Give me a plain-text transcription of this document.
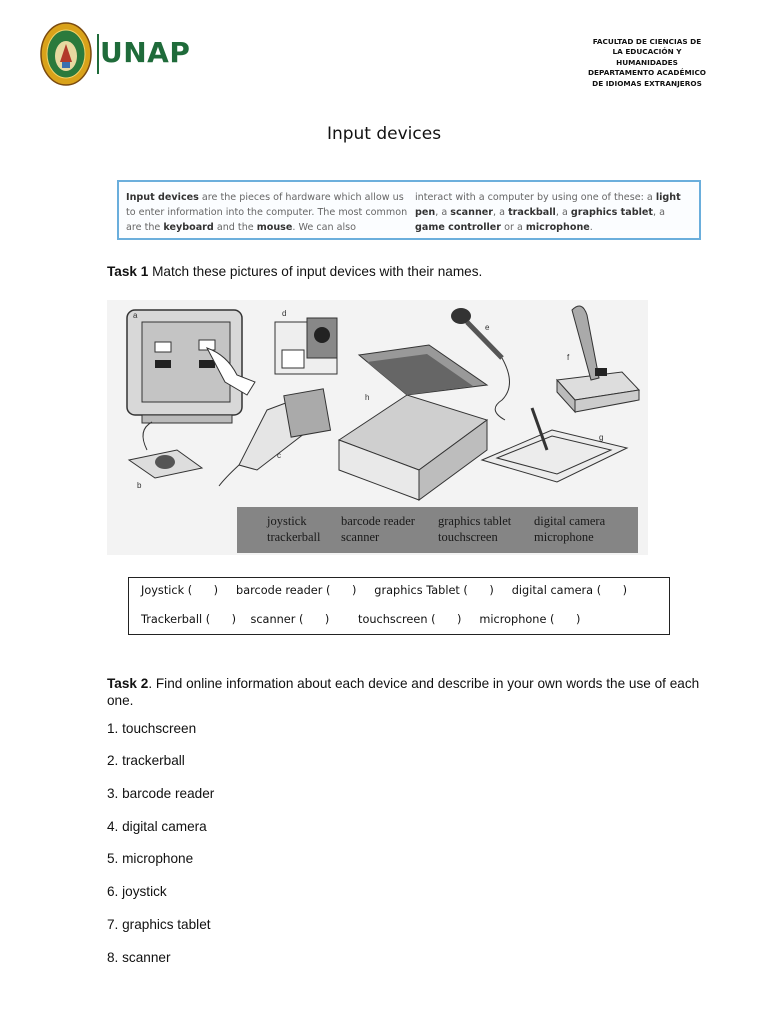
UNAP	FACULTAD DE CIENCIAS DE
LA EDUCACIÓN Y
HUMANIDADES
DEPARTAMENTO ACADÉMICO
DE IDIOMAS EXTRANJEROS
Input devices
Input devices are the pieces of hardware which allow us to enter information into the computer. The most common are the keyboard and the mouse. We can also
interact with a computer by using one of these: a light pen, a scanner, a trackball, a graphics tablet, a game controller or a microphone.
Task 1 Match these pictures of input devices with their names.
a
b
c
d
h
e
f
g
joystick
trackerball
barcode reader
scanner
graphics tablet
touchscreen
digital camera
microphone
Joystick (      )     barcode reader (      )     graphics Tablet (      )     digital camera (      )
Trackerball (      )    scanner (      )        touchscreen (      )     microphone (      )
Task 2. Find online information about each device and describe in your own words the use of each one.
1. touchscreen
2. trackerball
3. barcode reader
4. digital camera
5. microphone
6. joystick
7. graphics tablet
8. scanner
